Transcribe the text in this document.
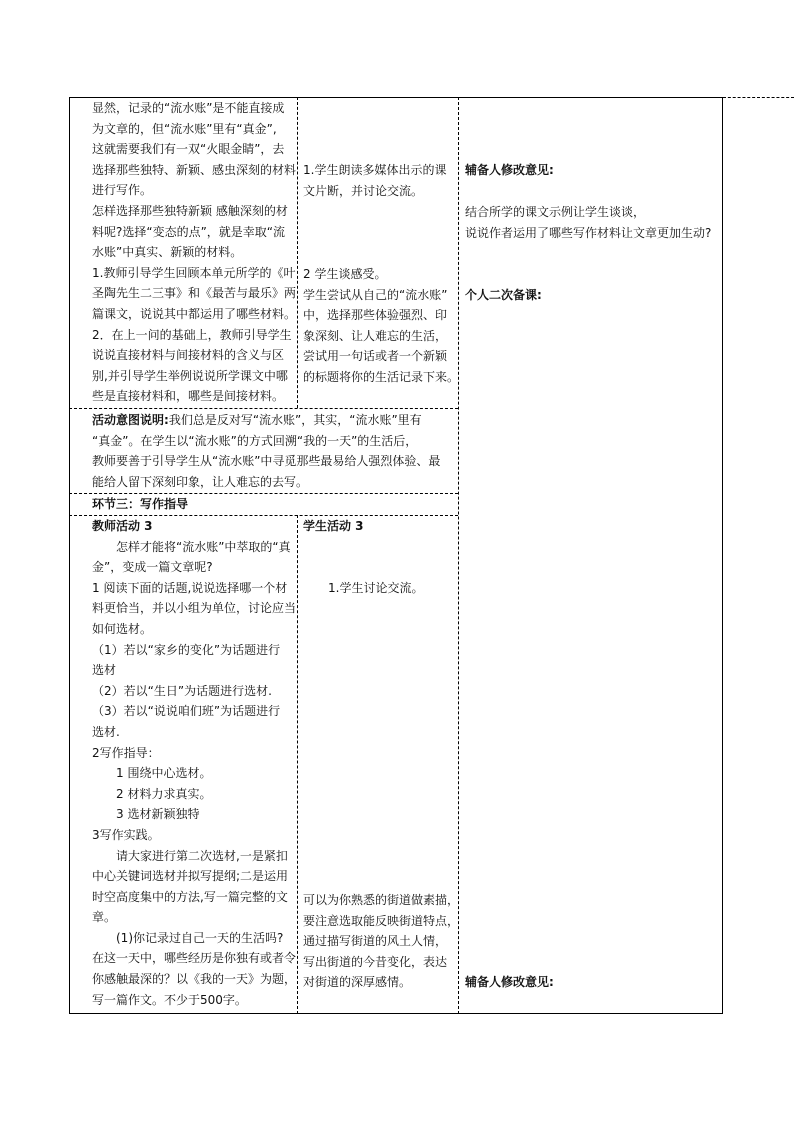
显然，记录的“流水账”是不能直接成

为文章的，但“流水账”里有“真金”,

这就需要我们有一双“火眼金睛”，去

选择那些独特、新颖、感虫深刻的材料

进行写作。

怎样选择那些独特新颖 感触深刻的材

料呢?选择“变态的点”，就是幸取“流

水账”中真实、新颖的材料。

1.教师引导学生回顾本单元所学的《叶

圣陶先生二三事》和《最苦与最乐》两

篇课文，说说其中都运用了哪些材料。

2．在上一问的基础上，教师引导学生

说说直接材料与间接材料的含义与区

别,并引导学生举例说说所学课文中哪

些是直接材料和，哪些是间接材料。

1.学生朗读多媒体出示的课

文片断，并讨论交流。

2 学生谈感受。

学生尝试从自己的“流水账”

中，选择那些体验强烈、印

象深刻、让人难忘的生活，

尝试用一句话或者一个新颖

的标题将你的生活记录下来。

辅备人修改意见:

结合所学的课文示例让学生谈谈，

说说作者运用了哪些写作材料让文章更加生动?

个人二次备课:

活动意图说明:我们总是反对写“流水账”，其实，“流水账”里有

“真金”。在学生以“流水账”的方式回溯“我的一天”的生活后，

教师要善于引导学生从“流水账”中寻觅那些最易给人强烈体验、最

能给人留下深刻印象，让人难忘的去写。

环节三：写作指导

教师活动 3

怎样才能将“流水账”中萃取的“真

金”，变成一篇文章呢?

1 阅读下面的话题,说说选择哪一个材

料更恰当，并以小组为单位，讨论应当

如何选材。

（1）若以“家乡的变化”为话题进行

选材

（2）若以“生日”为话题进行选材.

（3）若以“说说咱们班”为话题进行

选材.

2写作指导：

1 围绕中心选材。

2 材料力求真实。

3 选材新颖独特

3写作实践。

请大家进行第二次选材,一是紧扣

中心关键词选材并拟写提纲;二是运用

时空高度集中的方法,写一篇完整的文

章。

(1)你记录过自己一天的生活吗?

在这一天中，哪些经历是你独有或者令

你感触最深的？以《我的一天》为题，

写一篇作文。不少于500字。

学生活动 3
1.学生讨论交流。

可以为你熟悉的街道做素描，

要注意选取能反映街道特点，

通过描写街道的风土人情，

写出街道的今昔变化，表达

对街道的深厚感情。	辅备人修改意见:
